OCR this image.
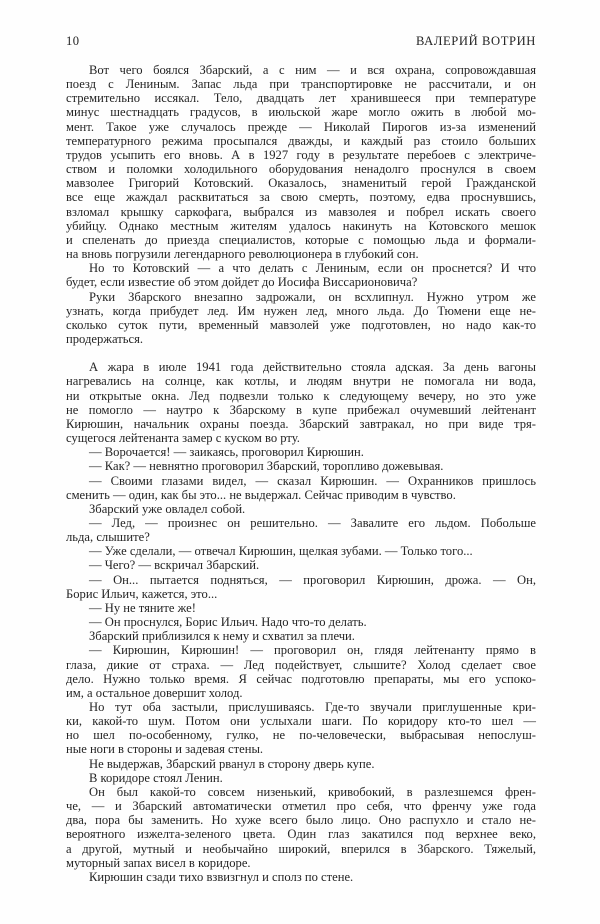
10	ВАЛЕРИЙ ВОТРИН
Вот чего боялся Збарский, а с ним — и вся охрана, сопровождавшая
поезд с Лениным. Запас льда при транспортировке не рассчитали, и он
стремительно иссякал. Тело, двадцать лет хранившееся при температуре
минус шестнадцать градусов, в июльской жаре могло ожить в любой мо-
мент. Такое уже случалось прежде — Николай Пирогов из-за изменений
температурного режима просыпался дважды, и каждый раз стоило больших
трудов усыпить его вновь. А в 1927 году в результате перебоев с электриче-
ством и поломки холодильного оборудования ненадолго проснулся в своем
мавзолее Григорий Котовский. Оказалось, знаменитый герой Гражданской
все еще жаждал расквитаться за свою смерть, поэтому, едва проснувшись,
взломал крышку саркофага, выбрался из мавзолея и побрел искать своего
убийцу. Однако местным жителям удалось накинуть на Котовского мешок
и спеленать до приезда специалистов, которые с помощью льда и формали-
на вновь погрузили легендарного революционера в глубокий сон.
Но то Котовский — а что делать с Лениным, если он проснется? И что
будет, если известие об этом дойдет до Иосифа Виссарионовича?
Руки Збарского внезапно задрожали, он всхлипнул. Нужно утром же
узнать, когда прибудет лед. Им нужен лед, много льда. До Тюмени еще не-
сколько суток пути, временный мавзолей уже подготовлен, но надо как-то
продержаться.
А жара в июле 1941 года действительно стояла адская. За день вагоны
нагревались на солнце, как котлы, и людям внутри не помогала ни вода,
ни открытые окна. Лед подвезли только к следующему вечеру, но это уже
не помогло — наутро к Збарскому в купе прибежал очумевший лейтенант
Кирюшин, начальник охраны поезда. Збарский завтракал, но при виде тря-
сущегося лейтенанта замер с куском во рту.
— Ворочается! — заикаясь, проговорил Кирюшин.
— Как? — невнятно проговорил Збарский, торопливо дожевывая.
— Своими глазами видел, — сказал Кирюшин. — Охранников пришлось
сменить — один, как бы это... не выдержал. Сейчас приводим в чувство.
Збарский уже овладел собой.
— Лед, — произнес он решительно. — Завалите его льдом. Побольше
льда, слышите?
— Уже сделали, — отвечал Кирюшин, щелкая зубами. — Только того...
— Чего? — вскричал Збарский.
— Он... пытается подняться, — проговорил Кирюшин, дрожа. — Он,
Борис Ильич, кажется, это...
— Ну не тяните же!
— Он проснулся, Борис Ильич. Надо что-то делать.
Збарский приблизился к нему и схватил за плечи.
— Кирюшин, Кирюшин! — проговорил он, глядя лейтенанту прямо в
глаза, дикие от страха. — Лед подействует, слышите? Холод сделает свое
дело. Нужно только время. Я сейчас подготовлю препараты, мы его успоко-
им, а остальное довершит холод.
Но тут оба застыли, прислушиваясь. Где-то звучали приглушенные кри-
ки, какой-то шум. Потом они услыхали шаги. По коридору кто-то шел —
но шел по-особенному, гулко, не по-человечески, выбрасывая непослуш-
ные ноги в стороны и задевая стены.
Не выдержав, Збарский рванул в сторону дверь купе.
В коридоре стоял Ленин.
Он был какой-то совсем низенький, кривобокий, в разлезшемся френ-
че, — и Збарский автоматически отметил про себя, что френчу уже года
два, пора бы заменить. Но хуже всего было лицо. Оно распухло и стало не-
вероятного изжелта-зеленого цвета. Один глаз закатился под верхнее веко,
а другой, мутный и необычайно широкий, вперился в Збарского. Тяжелый,
муторный запах висел в коридоре.
Кирюшин сзади тихо взвизгнул и сполз по стене.
